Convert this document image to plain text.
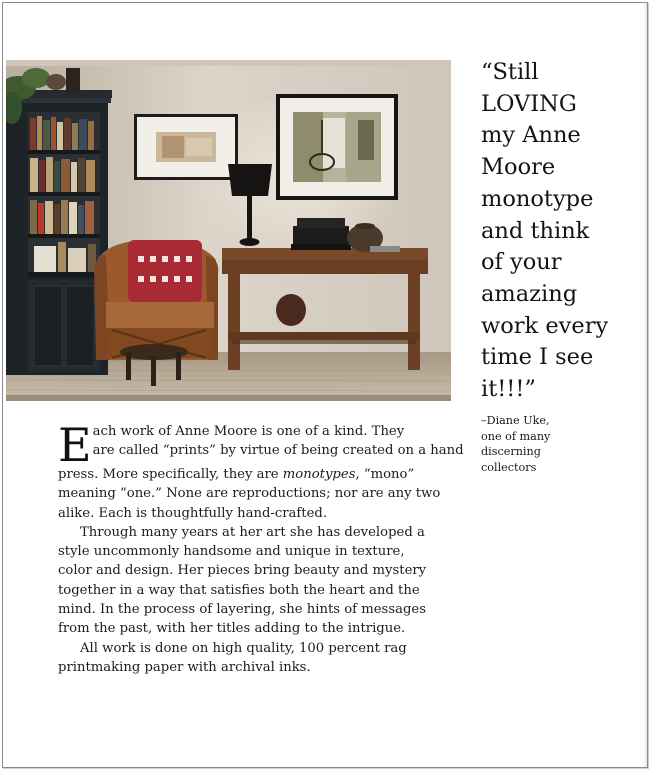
“Still
LOVING
my Anne
Moore
monotype
and think
of your
amazing
work every
time I see
it!!!”
–Diane Uke,
one of many
discerning
collectors
E ach work of Anne Moore is one of a kind. They
are called “prints” by virtue of being created on a hand
press. More specifically, they are monotypes, “mono”
meaning “one.” None are reproductions; nor are any two
alike. Each is thoughtfully hand-crafted.
Through many years at her art she has developed a
style uncommonly handsome and unique in texture,
color and design. Her pieces bring beauty and mystery
together in a way that satisfies both the heart and the
mind. In the process of layering, she hints of messages
from the past, with her titles adding to the intrigue.
All work is done on high quality, 100 percent rag
printmaking paper with archival inks.
